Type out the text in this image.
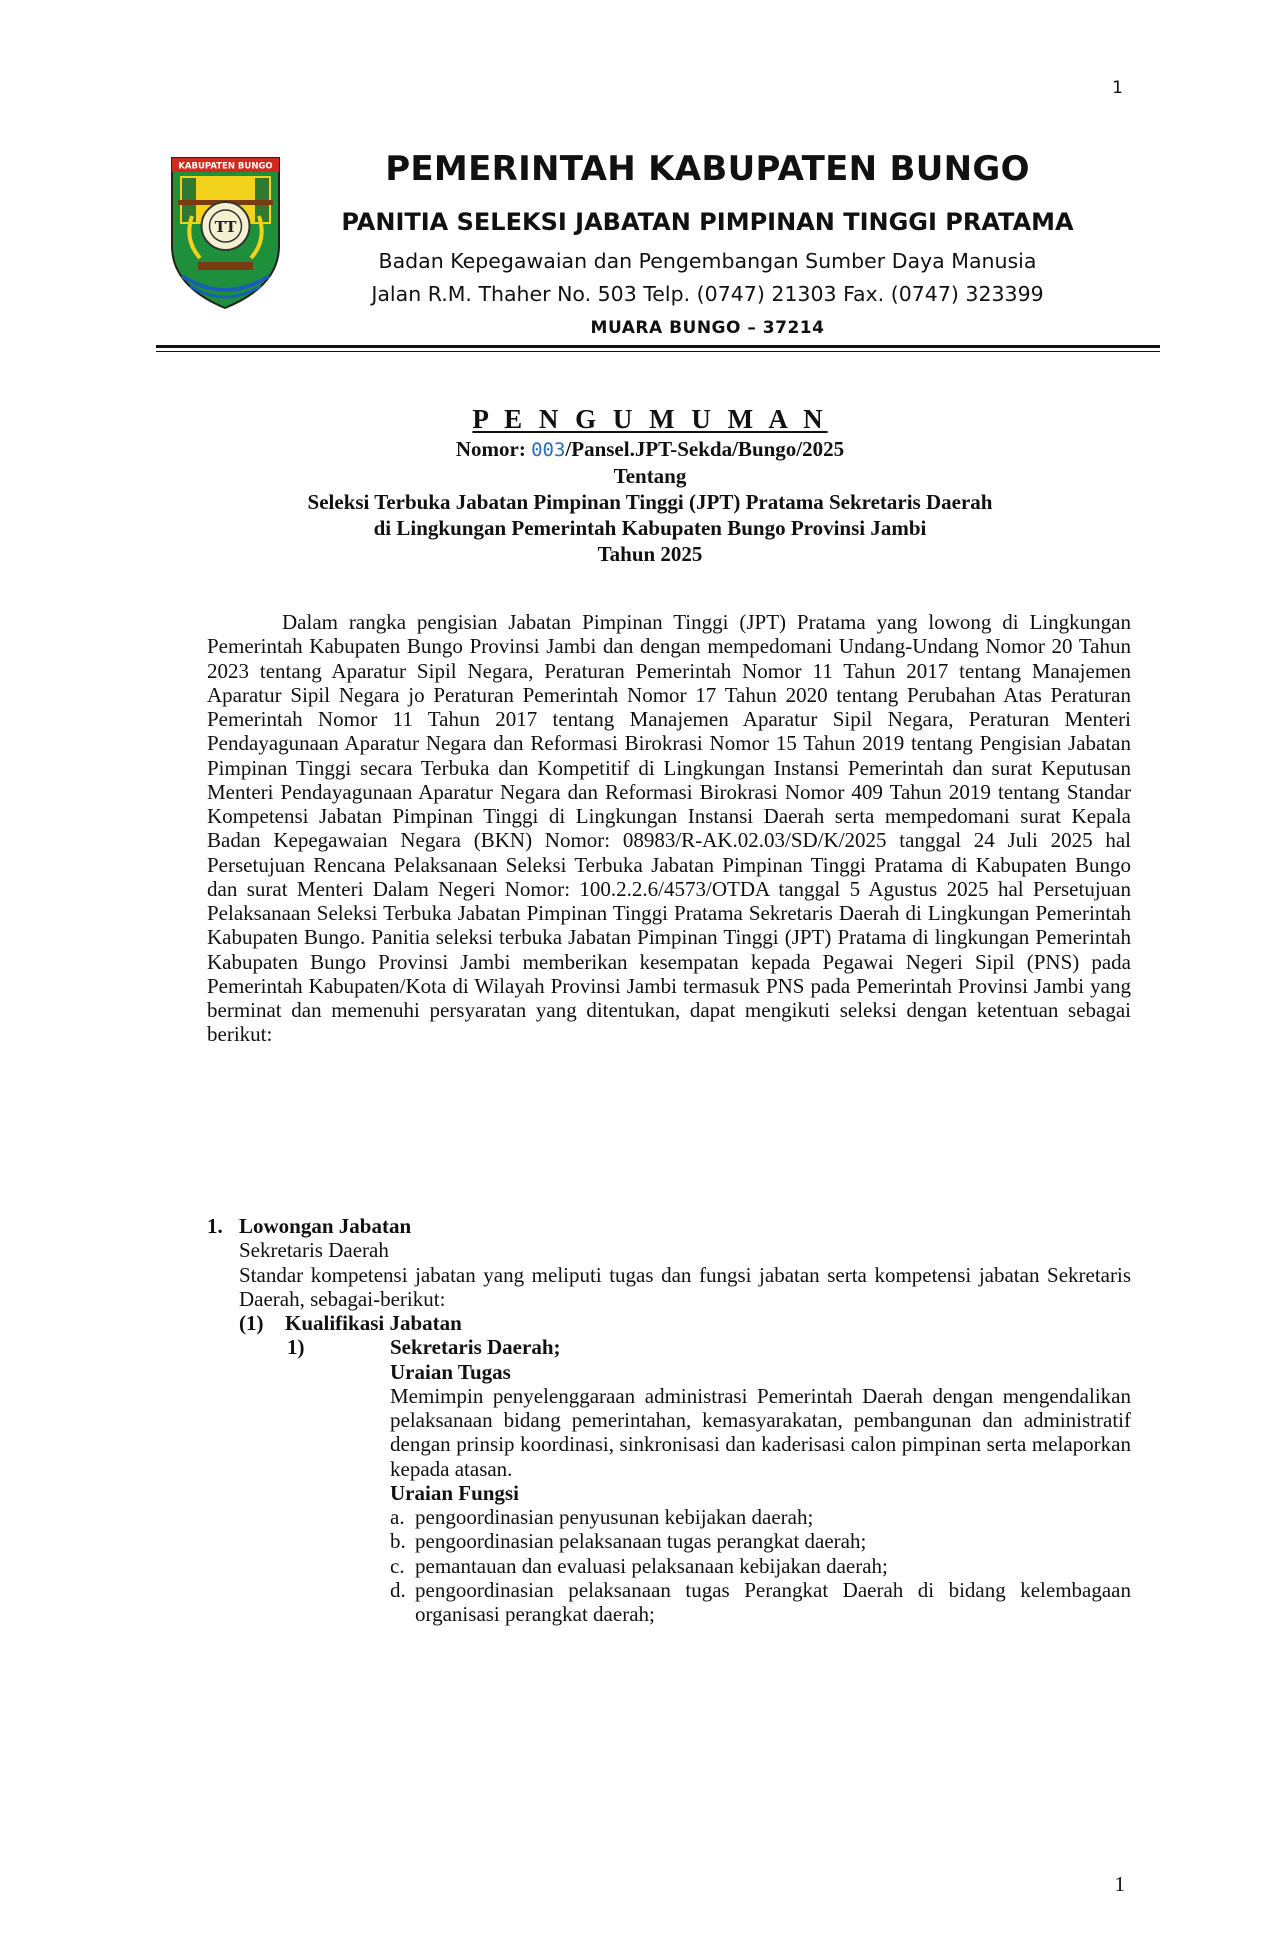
1
KABUPATEN BUNGO
TT
PEMERINTAH KABUPATEN BUNGO
PANITIA SELEKSI JABATAN PIMPINAN TINGGI PRATAMA
Badan Kepegawaian dan Pengembangan Sumber Daya Manusia
Jalan R.M. Thaher No. 503 Telp. (0747) 21303 Fax. (0747) 323399
MUARA BUNGO – 37214
P E N G U M U M A N
Nomor: 003/Pansel.JPT-Sekda/Bungo/2025
Tentang
Seleksi Terbuka Jabatan Pimpinan Tinggi (JPT) Pratama Sekretaris Daerah
di Lingkungan Pemerintah Kabupaten Bungo Provinsi Jambi
Tahun 2025

Dalam rangka pengisian Jabatan Pimpinan Tinggi (JPT) Pratama yang lowong di Lingkungan Pemerintah Kabupaten Bungo Provinsi Jambi dan dengan mempedomani Undang-Undang Nomor 20 Tahun 2023 tentang Aparatur Sipil Negara, Peraturan Pemerintah Nomor 11 Tahun 2017 tentang Manajemen Aparatur Sipil Negara jo Peraturan Pemerintah Nomor 17 Tahun 2020 tentang Perubahan Atas Peraturan Pemerintah Nomor 11 Tahun 2017 tentang Manajemen Aparatur Sipil Negara, Peraturan Menteri Pendayagunaan Aparatur Negara dan Reformasi Birokrasi Nomor 15 Tahun 2019 tentang Pengisian Jabatan Pimpinan Tinggi secara Terbuka dan Kompetitif di Lingkungan Instansi Pemerintah dan surat Keputusan Menteri Pendayagunaan Aparatur Negara dan Reformasi Birokrasi Nomor 409 Tahun 2019 tentang Standar Kompetensi Jabatan Pimpinan Tinggi di Lingkungan Instansi Daerah serta mempedomani surat Kepala Badan Kepegawaian Negara (BKN) Nomor: 08983/R-AK.02.03/SD/K/2025 tanggal 24 Juli 2025 hal Persetujuan Rencana Pelaksanaan Seleksi Terbuka Jabatan Pimpinan Tinggi Pratama di Kabupaten Bungo dan surat Menteri Dalam Negeri Nomor: 100.2.2.6/4573/OTDA tanggal 5 Agustus 2025 hal Persetujuan Pelaksanaan Seleksi Terbuka Jabatan Pimpinan Tinggi Pratama Sekretaris Daerah di Lingkungan Pemerintah Kabupaten Bungo. Panitia seleksi terbuka Jabatan Pimpinan Tinggi (JPT) Pratama di lingkungan Pemerintah Kabupaten Bungo Provinsi Jambi memberikan kesempatan kepada Pegawai Negeri Sipil (PNS) pada Pemerintah Kabupaten/Kota di Wilayah Provinsi Jambi termasuk PNS pada Pemerintah Provinsi Jambi yang berminat dan memenuhi persyaratan yang ditentukan, dapat mengikuti seleksi dengan ketentuan sebagai berikut:

1. Lowongan Jabatan
Sekretaris Daerah
Standar kompetensi jabatan yang meliputi tugas dan fungsi jabatan serta kompetensi jabatan Sekretaris Daerah, sebagai-berikut:
(1) Kualifikasi Jabatan
1)	Sekretaris Daerah;
Uraian Tugas
Memimpin penyelenggaraan administrasi Pemerintah Daerah dengan mengendalikan pelaksanaan bidang pemerintahan, kemasyarakatan, pembangunan dan administratif dengan prinsip koordinasi, sinkronisasi dan kaderisasi calon pimpinan serta melaporkan kepada atasan.
Uraian Fungsi
a. pengoordinasian penyusunan kebijakan daerah;
b. pengoordinasian pelaksanaan tugas perangkat daerah;
c. pemantauan dan evaluasi pelaksanaan kebijakan daerah;
d. pengoordinasian pelaksanaan tugas Perangkat Daerah di bidang kelembagaan organisasi perangkat daerah;
1
